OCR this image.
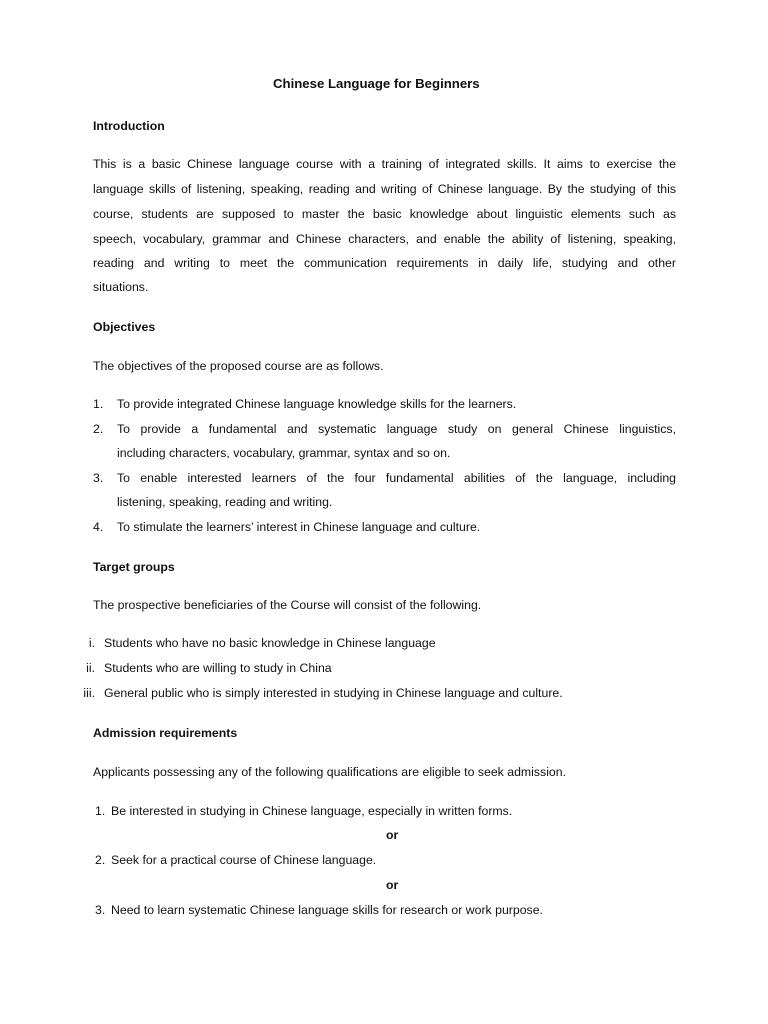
Chinese Language for Beginners
Introduction
This is a basic Chinese language course with a training of integrated skills. It aims to exercise the
language skills of listening, speaking, reading and writing of Chinese language. By the studying of this
course, students are supposed to master the basic knowledge about linguistic elements such as
speech, vocabulary, grammar and Chinese characters, and enable the ability of listening, speaking,
reading and writing to meet the communication requirements in daily life, studying and other
situations.
Objectives
The objectives of the proposed course are as follows.
1. To provide integrated Chinese language knowledge skills for the learners.
2. To provide a fundamental and systematic language study on general Chinese linguistics,
including characters, vocabulary, grammar, syntax and so on.
3. To enable interested learners of the four fundamental abilities of the language, including
listening, speaking, reading and writing.
4. To stimulate the learners’ interest in Chinese language and culture.
Target groups
The prospective beneficiaries of the Course will consist of the following.
i. Students who have no basic knowledge in Chinese language
ii. Students who are willing to study in China
iii. General public who is simply interested in studying in Chinese language and culture.
Admission requirements
Applicants possessing any of the following qualifications are eligible to seek admission.
1. Be interested in studying in Chinese language, especially in written forms.
or
2. Seek for a practical course of Chinese language.
or
3. Need to learn systematic Chinese language skills for research or work purpose.
